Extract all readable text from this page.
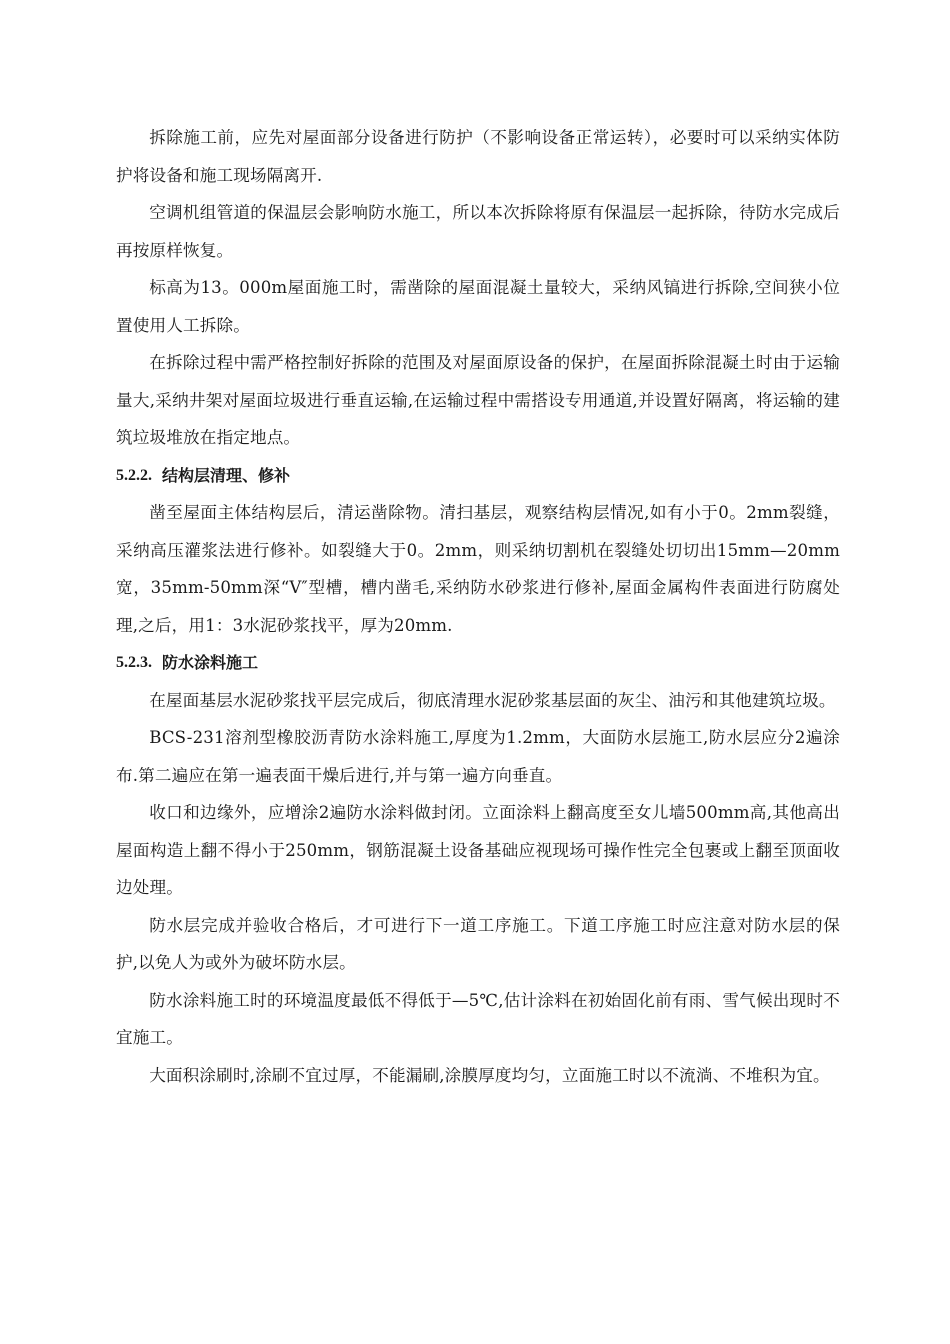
拆除施工前，应先对屋面部分设备进行防护（不影响设备正常运转），必要时可以采纳实体防护将设备和施工现场隔离开.

空调机组管道的保温层会影响防水施工，所以本次拆除将原有保温层一起拆除，待防水完成后再按原样恢复。

标高为13。000m屋面施工时，需凿除的屋面混凝土量较大，采纳风镐进行拆除,空间狭小位置使用人工拆除。

在拆除过程中需严格控制好拆除的范围及对屋面原设备的保护，在屋面拆除混凝土时由于运输量大,采纳井架对屋面垃圾进行垂直运输,在运输过程中需搭设专用通道,并设置好隔离，将运输的建筑垃圾堆放在指定地点。

5.2.2. 结构层清理、修补

凿至屋面主体结构层后，清运凿除物。清扫基层，观察结构层情况,如有小于0。2mm裂缝，采纳高压灌浆法进行修补。如裂缝大于0。2mm，则采纳切割机在裂缝处切切出15mm—20mm宽，35mm-50mm深“V″型槽，槽内凿毛,采纳防水砂浆进行修补,屋面金属构件表面进行防腐处理,之后，用1：3水泥砂浆找平，厚为20mm.

5.2.3. 防水涂料施工

在屋面基层水泥砂浆找平层完成后，彻底清理水泥砂浆基层面的灰尘、油污和其他建筑垃圾。

BCS-231溶剂型橡胶沥青防水涂料施工,厚度为1.2mm，大面防水层施工,防水层应分2遍涂布.第二遍应在第一遍表面干燥后进行,并与第一遍方向垂直。

收口和边缘外，应增涂2遍防水涂料做封闭。立面涂料上翻高度至女儿墙500mm高,其他高出屋面构造上翻不得小于250mm，钢筋混凝土设备基础应视现场可操作性完全包裹或上翻至顶面收边处理。

防水层完成并验收合格后，才可进行下一道工序施工。下道工序施工时应注意对防水层的保护,以免人为或外为破坏防水层。

防水涂料施工时的环境温度最低不得低于—5℃,估计涂料在初始固化前有雨、雪气候出现时不宜施工。

大面积涂刷时,涂刷不宜过厚，不能漏刷,涂膜厚度均匀，立面施工时以不流淌、不堆积为宜。
